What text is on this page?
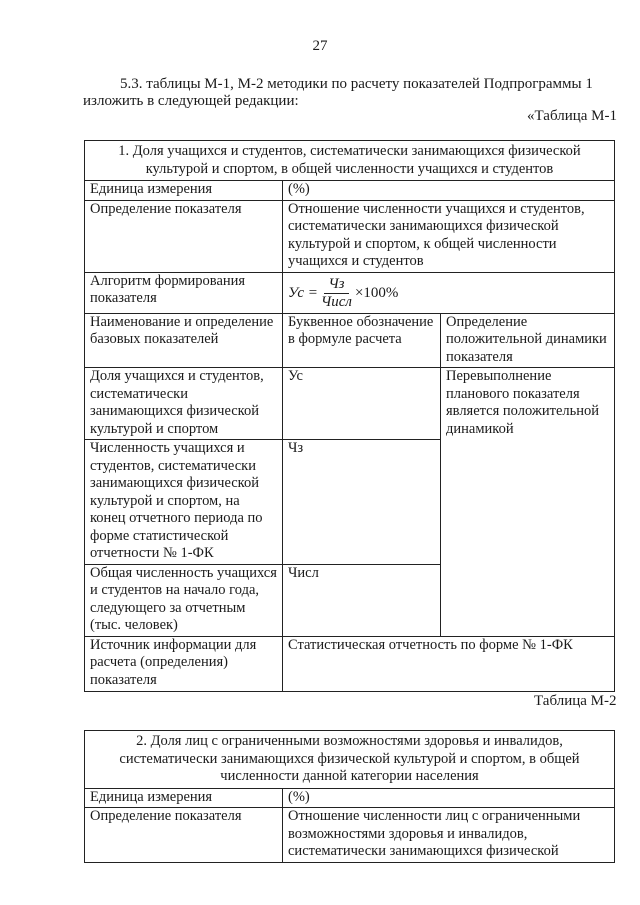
27
5.3. таблицы М-1, М-2 методики по расчету показателей Подпрограммы 1
изложить в следующей редакции:
«Таблица М-1
1. Доля учащихся и студентов, систематически занимающихся физической культурой и спортом, в общей численности учащихся и студентов		
Единица измерения	(%)	
Определение показателя	Отношение численности учащихся и студентов, систематически занимающихся физической культурой и спортом, к общей численности учащихся и студентов	
Алгоритм формирования показателя	Ус = $\frac{Чз}{\text{Числ}} \times 100\%$	

Наименование и определение базовых показателей	Буквенное обозначение в формуле расчета	Определение положительной динамики показателя
Доля учащихся и студентов, систематически занимающихся физической культурой и спортом	Ус	Перевыполнение планового показателя является положительной динамикой
Численность учащихся и студентов, систематически занимающихся физической культурой и спортом, на конец отчетного периода по форме статистической отчетности № 1-ФК	Чз	
Общая численность учащихся и студентов на начало года, следующего за отчетным (тыс. человек)	Числ	
Источник информации для расчета (определения) показателя	Статистическая отчетность по форме № 1-ФК	
Таблица М-2
2. Доля лиц с ограниченными возможностями здоровья и инвалидов, систематически занимающихся физической культурой и спортом, в общей численности данной категории населения	
Единица измерения	(%)
Определение показателя	Отношение численности лиц с ограниченными возможностями здоровья и инвалидов, систематически занимающихся физической
